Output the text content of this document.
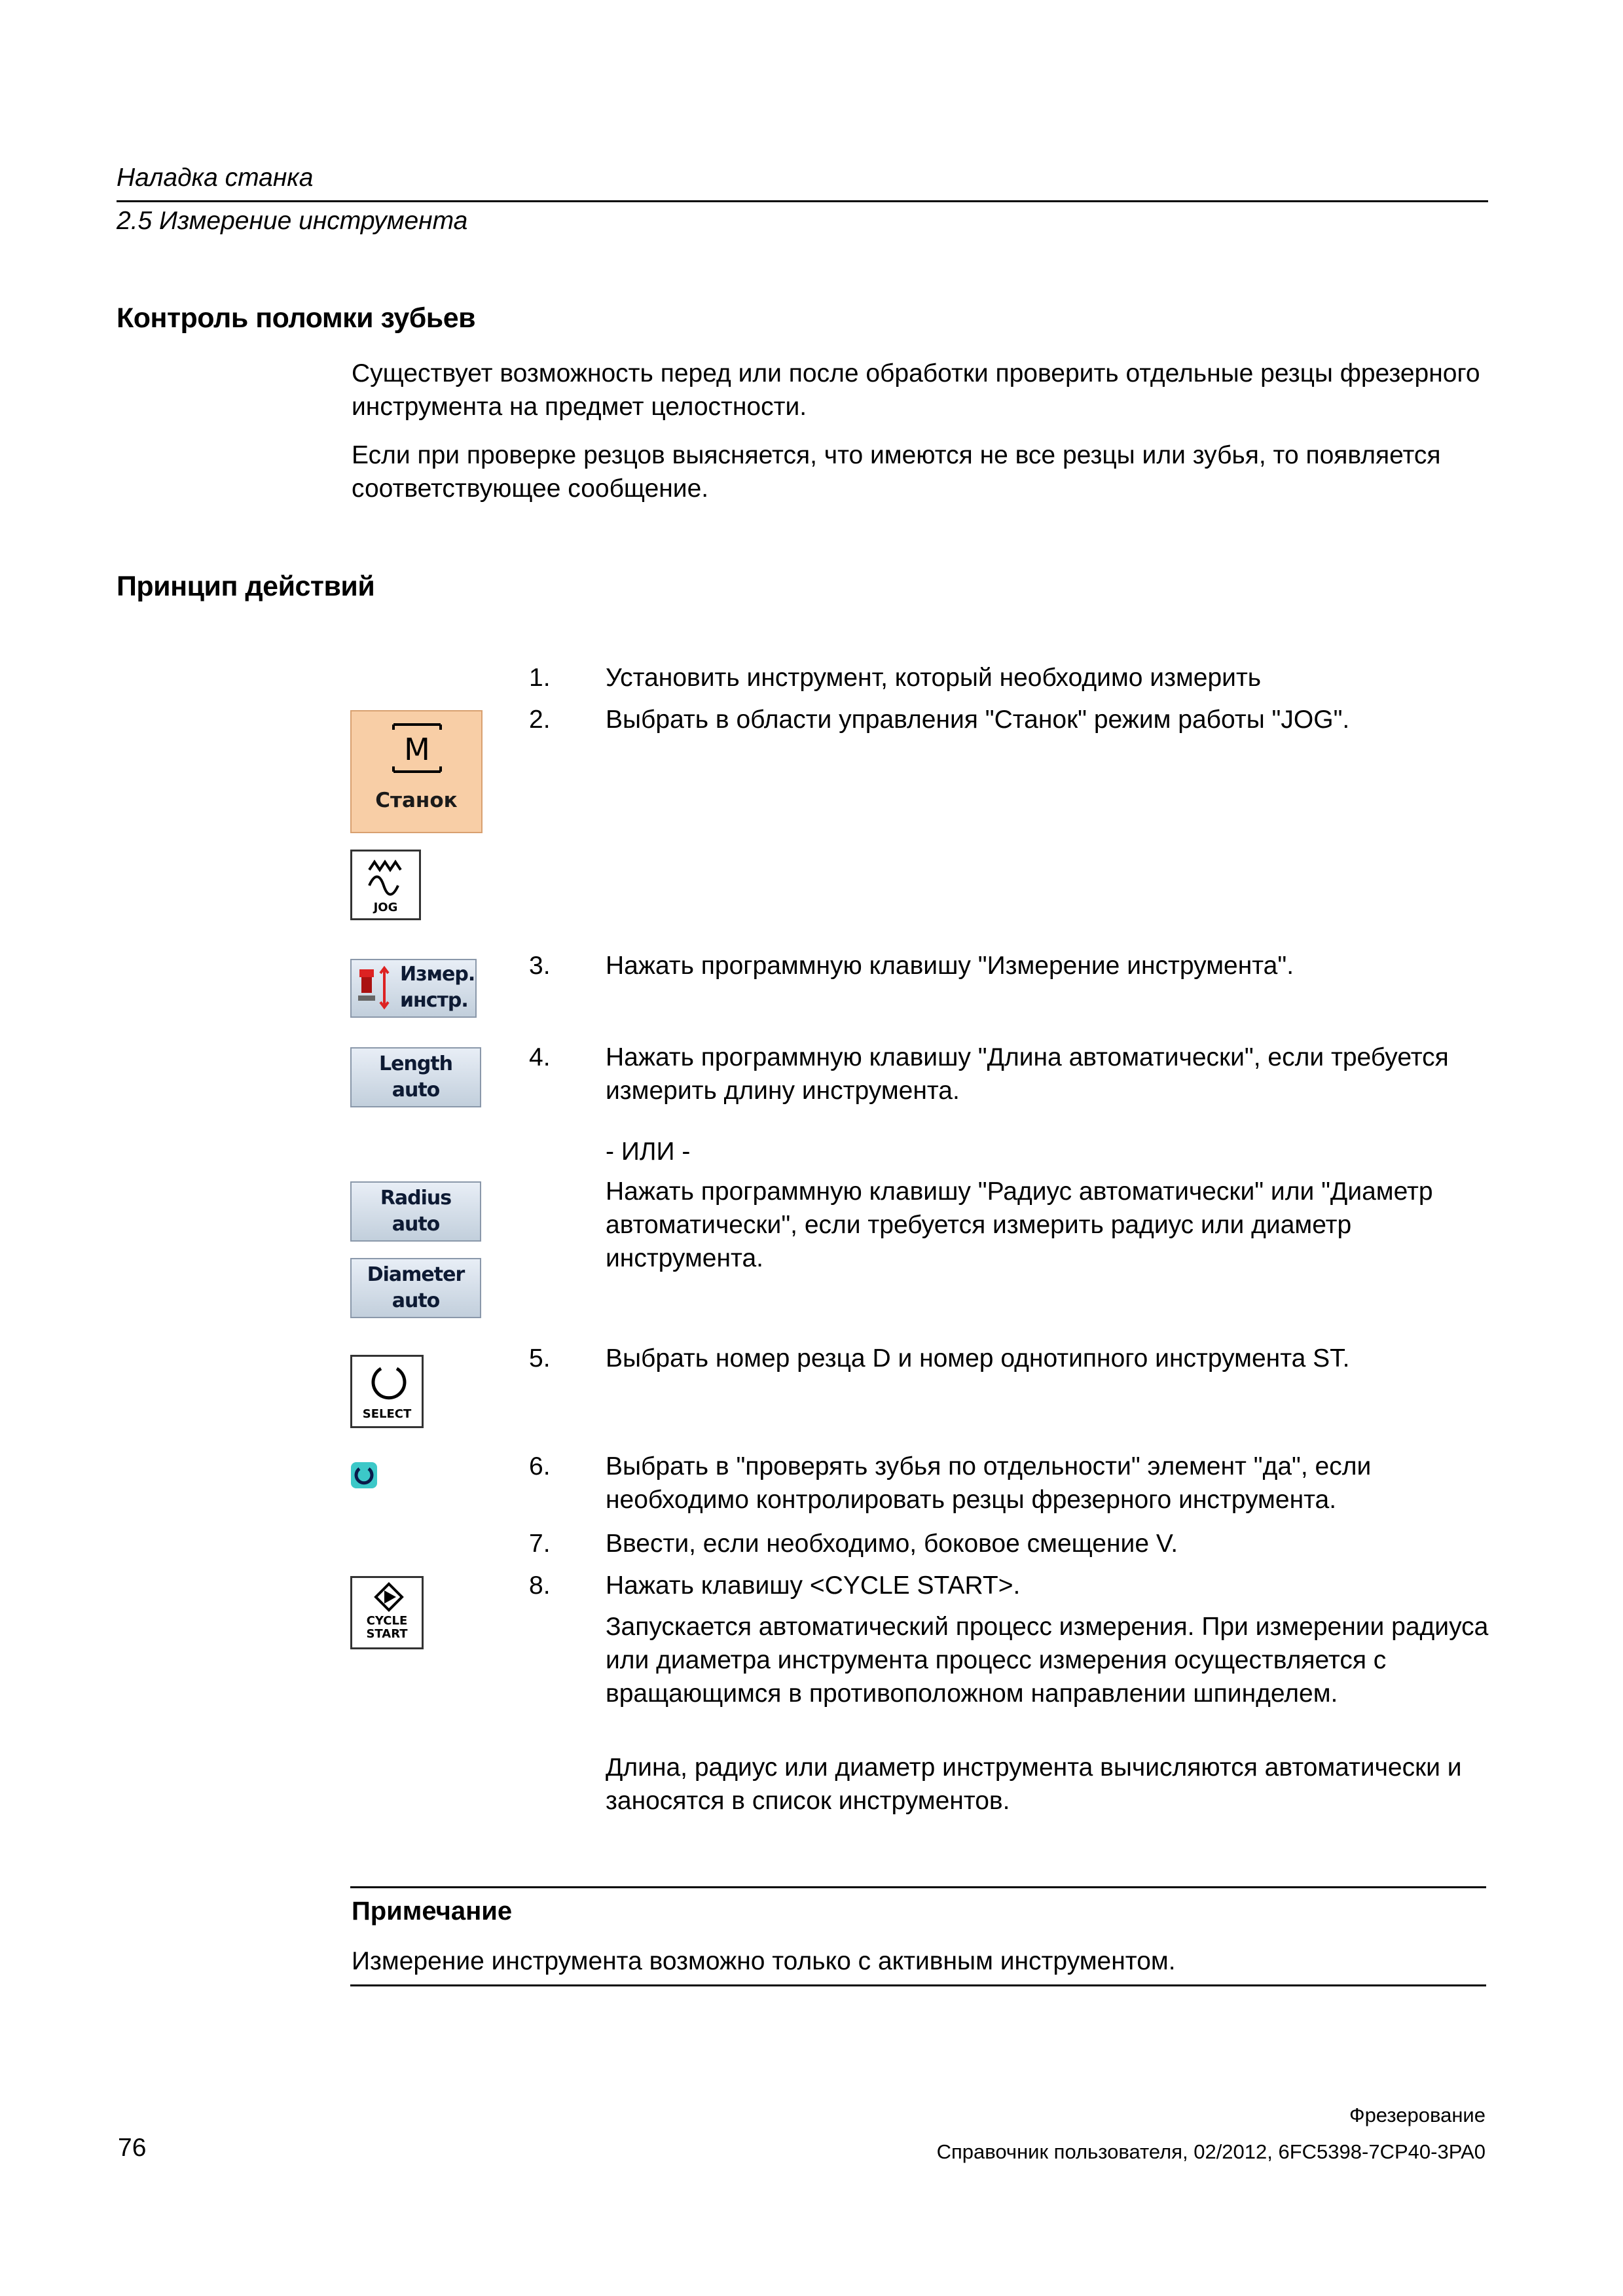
Наладка станка
2.5 Измерение инструмента
Контроль поломки зубьев
Существует возможность перед или после обработки проверить отдельные резцы фрезерного инструмента на предмет целостности.
Если при проверке резцов выясняется, что имеются не все резцы или зубья, то появляется соответствующее сообщение.
Принцип действий
1. Установить инструмент, который необходимо измерить
2. Выбрать в области управления "Станок" режим работы "JOG".
3. Нажать программную клавишу "Измерение инструмента".
4. Нажать программную клавишу "Длина автоматически", если требуется измерить длину инструмента.
- ИЛИ -
Нажать программную клавишу "Радиус автоматически" или "Диаметр автоматически", если требуется измерить радиус или диаметр инструмента.
5. Выбрать номер резца D и номер однотипного инструмента ST.
6. Выбрать в "проверять зубья по отдельности" элемент "да", если необходимо контролировать резцы фрезерного инструмента.
7. Ввести, если необходимо, боковое смещение V.
8. Нажать клавишу <CYCLE START>.
Запускается автоматический процесс измерения. При измерении радиуса или диаметра инструмента процесс измерения осуществляется с вращающимся в противоположном направлении шпинделем.
Длина, радиус или диаметр инструмента вычисляются автоматически и заносятся в список инструментов.
M
Станок
JOG
Измер.
инстр.
Length
auto
Radius
auto
Diameter
auto
SELECT
CYCLE
START
Примечание
Измерение инструмента возможно только с активным инструментом.
Фрезерование
76	Справочник пользователя, 02/2012, 6FC5398-7CP40-3PA0
